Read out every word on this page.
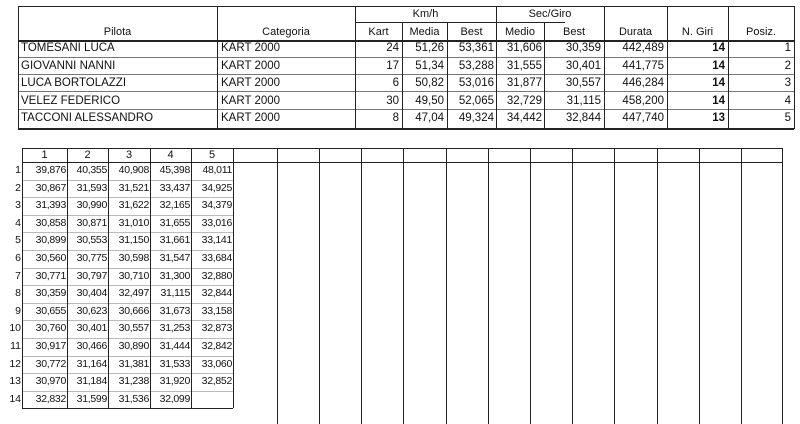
Km/h	Sec/Giro
Pilota	Categoria	Kart	Media	Best	Medio	Best	Durata	N. Giri	Posiz.
TOMESANI LUCA	KART 2000	24	51,26	53,361	31,606	30,359	442,489	14	1
GIOVANNI NANNI	KART 2000	17	51,34	53,288	31,555	30,401	441,775	14	2
LUCA BORTOLAZZI	KART 2000	6	50,82	53,016	31,877	30,557	446,284	14	3
VELEZ FEDERICO	KART 2000	30	49,50	52,065	32,729	31,115	458,200	14	4
TACCONI ALESSANDRO	KART 2000	8	47,04	49,324	34,442	32,844	447,740	13	5
1	2	3	4	5
1	39,876	40,355	40,908	45,398	48,011
2	30,867	31,593	31,521	33,437	34,925
3	31,393	30,990	31,622	32,165	34,379
4	30,858	30,871	31,010	31,655	33,016
5	30,899	30,553	31,150	31,661	33,141
6	30,560	30,775	30,598	31,547	33,684
7	30,771	30,797	30,710	31,300	32,880
8	30,359	30,404	32,497	31,115	32,844
9	30,655	30,623	30,666	31,673	33,158
10	30,760	30,401	30,557	31,253	32,873
11	30,917	30,466	30,890	31,444	32,842
12	30,772	31,164	31,381	31,533	33,060
13	30,970	31,184	31,238	31,920	32,852
14	32,832	31,599	31,536	32,099
